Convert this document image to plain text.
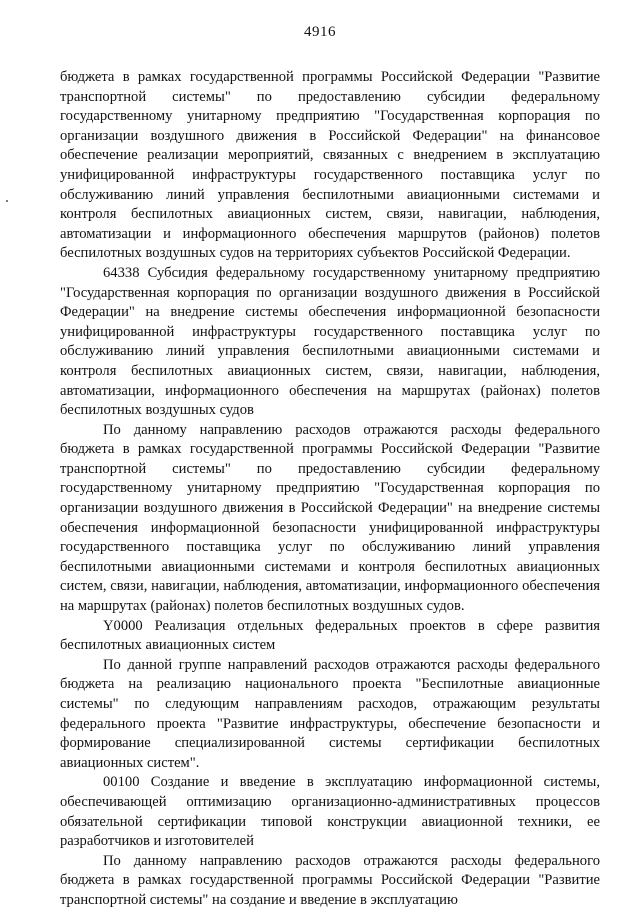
4916

бюджета в рамках государственной программы Российской Федерации "Развитие транспортной системы" по предоставлению субсидии федеральному государственному унитарному предприятию "Государственная корпорация по организации воздушного движения в Российской Федерации" на финансовое обеспечение реализации мероприятий, связанных с внедрением в эксплуатацию унифицированной инфраструктуры государственного поставщика услуг по обслуживанию линий управления беспилотными авиационными системами и контроля беспилотных авиационных систем, связи, навигации, наблюдения, автоматизации и информационного обеспечения маршрутов (районов) полетов беспилотных воздушных судов на территориях субъектов Российской Федерации.

64338 Субсидия федеральному государственному унитарному предприятию "Государственная корпорация по организации воздушного движения в Российской Федерации" на внедрение системы обеспечения информационной безопасности унифицированной инфраструктуры государственного поставщика услуг по обслуживанию линий управления беспилотными авиационными системами и контроля беспилотных авиационных систем, связи, навигации, наблюдения, автоматизации, информационного обеспечения на маршрутах (районах) полетов беспилотных воздушных судов

По данному направлению расходов отражаются расходы федерального бюджета в рамках государственной программы Российской Федерации "Развитие транспортной системы" по предоставлению субсидии федеральному государственному унитарному предприятию "Государственная корпорация по организации воздушного движения в Российской Федерации" на внедрение системы обеспечения информационной безопасности унифицированной инфраструктуры государственного поставщика услуг по обслуживанию линий управления беспилотными авиационными системами и контроля беспилотных авиационных систем, связи, навигации, наблюдения, автоматизации, информационного обеспечения на маршрутах (районах) полетов беспилотных воздушных судов.

Y0000 Реализация отдельных федеральных проектов в сфере развития беспилотных авиационных систем

По данной группе направлений расходов отражаются расходы федерального бюджета на реализацию национального проекта "Беспилотные авиационные системы" по следующим направлениям расходов, отражающим результаты федерального проекта "Развитие инфраструктуры, обеспечение безопасности и формирование специализированной системы сертификации беспилотных авиационных систем".

00100 Создание и введение в эксплуатацию информационной системы, обеспечивающей оптимизацию организационно-административных процессов обязательной сертификации типовой конструкции авиационной техники, ее разработчиков и изготовителей

По данному направлению расходов отражаются расходы федерального бюджета в рамках государственной программы Российской Федерации "Развитие транспортной системы" на создание и введение в эксплуатацию
